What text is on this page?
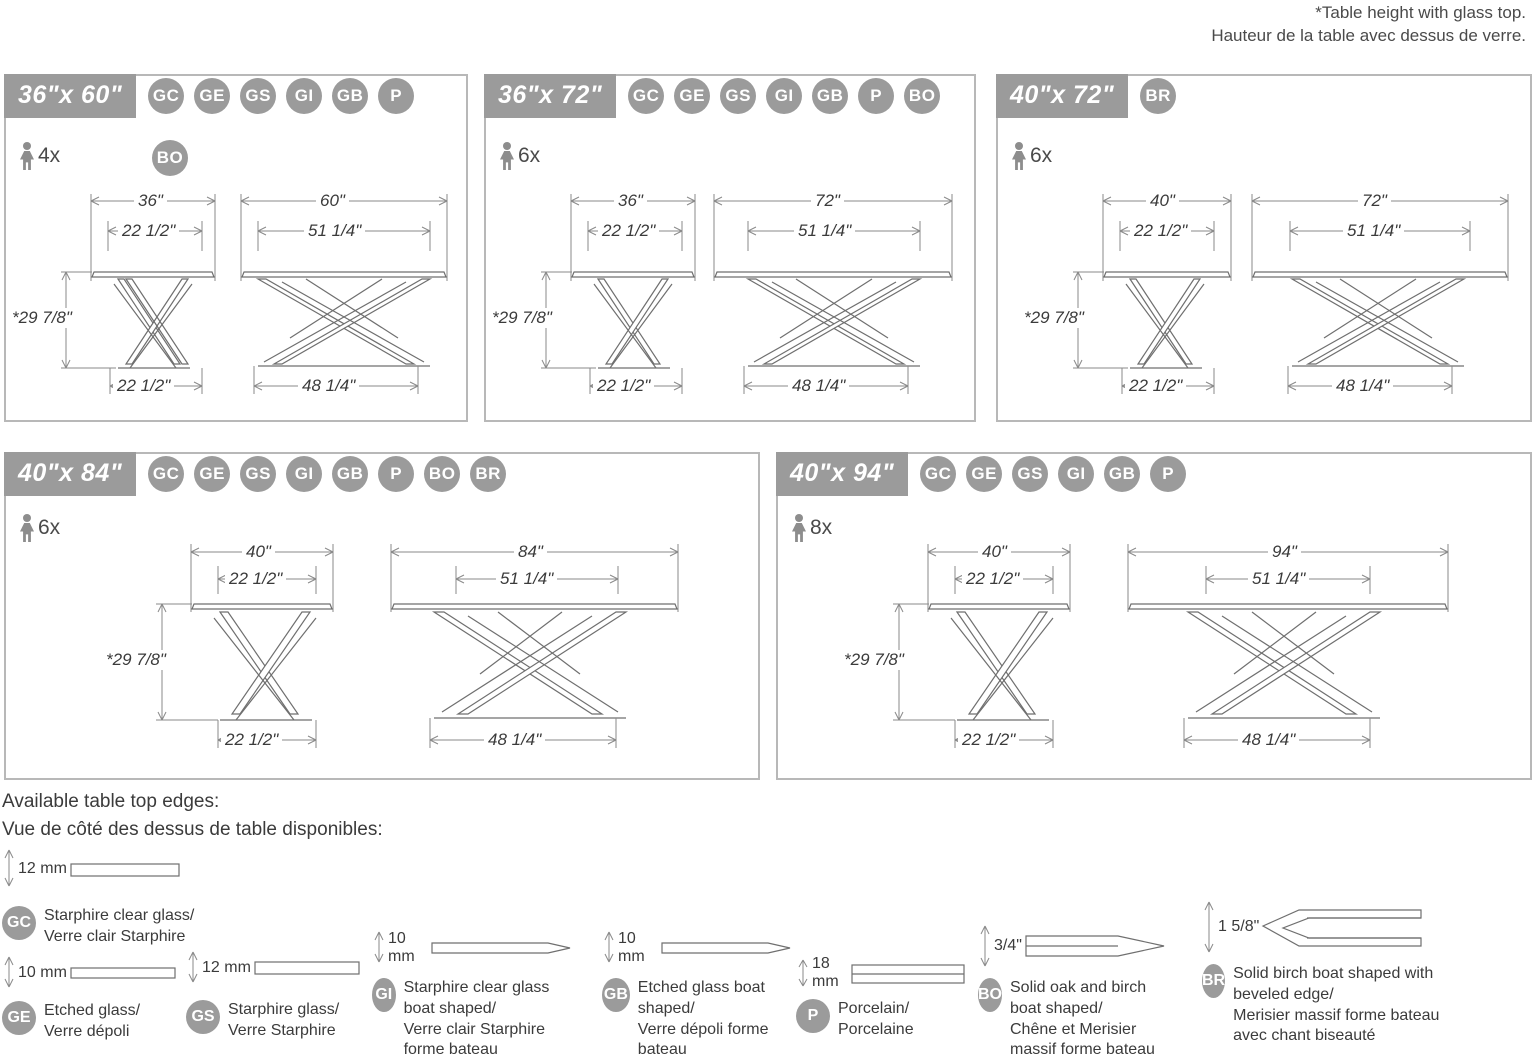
*Table height with glass top.
Hauteur de la table avec dessus de verre.
36"x 60"	GC	GE	GS	GI	GB	P
4x	BO
36"
22 1/2"
*29 7/8"
22 1/2"
60"
51 1/4"
48 1/4"
36"x 72"	GC	GE	GS	GI	GB	P	BO
6x
36"
22 1/2"
*29 7/8"
22 1/2"
72"
51 1/4"
48 1/4"
40"x 72"	BR
6x
40"
22 1/2"
*29 7/8"
22 1/2"
72"
51 1/4"
48 1/4"
40"x 84"	GC	GE	GS	GI	GB	P	BO	BR
6x
40"
22 1/2"
*29 7/8"
22 1/2"
84"
51 1/4"
48 1/4"
40"x 94"	GC	GE	GS	GI	GB	P
8x
40"
22 1/2"
*29 7/8"
22 1/2"
94"
51 1/4"
48 1/4"
Available table top edges:
Vue de côté des dessus de table disponibles:
12 mm
GC Starphire clear glass/
Verre clair Starphire
10 mm
GE Etched glass/
Verre dépoli
12 mm
GS Starphire glass/
Verre Starphire
10 mm
GI Starphire clear glass boat shaped/
Verre clair Starphire forme bateau
10 mm
GB Etched glass boat shaped/
Verre dépoli forme bateau
18 mm
P	Porcelain/
Porcelaine
3/4"
BO Solid oak and birch boat shaped/
Chêne et Merisier massif forme bateau
1 5/8"
BR Solid birch boat shaped with beveled edge/
Merisier massif forme bateau avec chant biseauté
